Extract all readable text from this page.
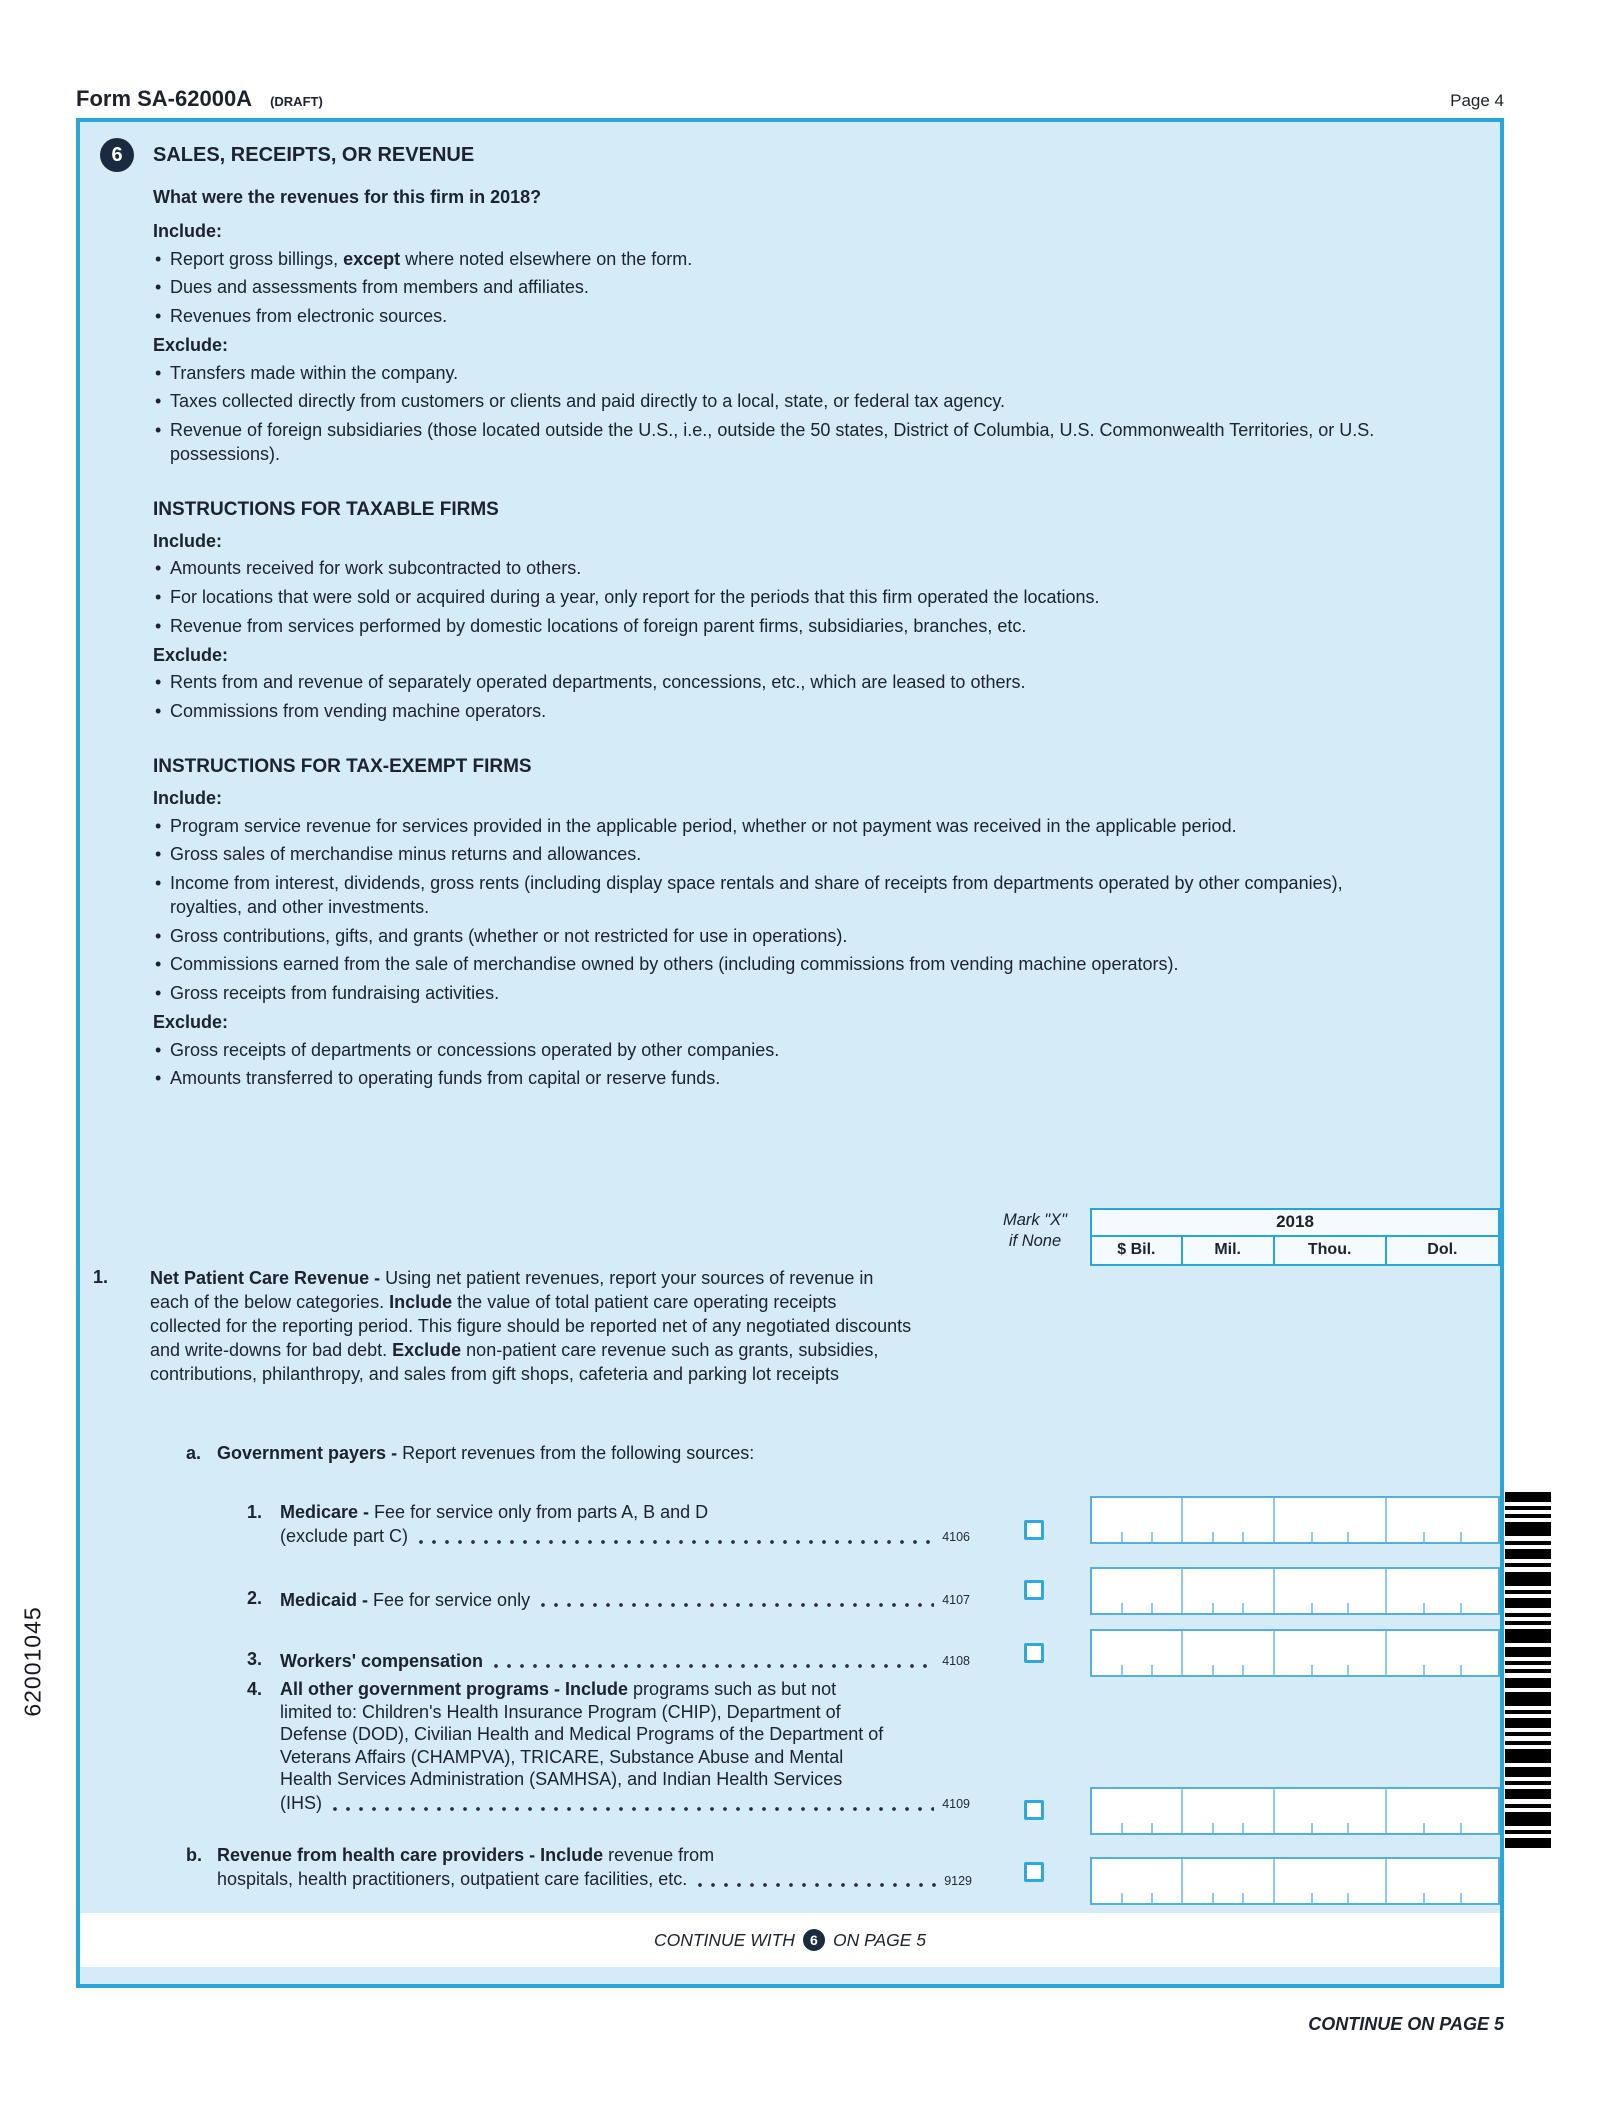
Form SA-62000A (DRAFT)	Page 4
62001045
6	SALES, RECEIPTS, OR REVENUE
What were the revenues for this firm in 2018?
Include:
• Report gross billings, except where noted elsewhere on the form.
• Dues and assessments from members and affiliates.
• Revenues from electronic sources.
Exclude:
• Transfers made within the company.
• Taxes collected directly from customers or clients and paid directly to a local, state, or federal tax agency.
• Revenue of foreign subsidiaries (those located outside the U.S., i.e., outside the 50 states, District of Columbia, U.S. Commonwealth Territories, or U.S. possessions).
INSTRUCTIONS FOR TAXABLE FIRMS
Include:
• Amounts received for work subcontracted to others.
• For locations that were sold or acquired during a year, only report for the periods that this firm operated the locations.
• Revenue from services performed by domestic locations of foreign parent firms, subsidiaries, branches, etc.
Exclude:
• Rents from and revenue of separately operated departments, concessions, etc., which are leased to others.
• Commissions from vending machine operators.
INSTRUCTIONS FOR TAX-EXEMPT FIRMS
Include:
• Program service revenue for services provided in the applicable period, whether or not payment was received in the applicable period.
• Gross sales of merchandise minus returns and allowances.
• Income from interest, dividends, gross rents (including display space rentals and share of receipts from departments operated by other companies), royalties, and other investments.
• Gross contributions, gifts, and grants (whether or not restricted for use in operations).
• Commissions earned from the sale of merchandise owned by others (including commissions from vending machine operators).
• Gross receipts from fundraising activities.
Exclude:
• Gross receipts of departments or concessions operated by other companies.
• Amounts transferred to operating funds from capital or reserve funds.
Mark "X"
if None
2018
$ Bil.	Mil.	Thou.	Dol.
1. Net Patient Care Revenue - Using net patient revenues, report your sources of revenue in each of the below categories. Include the value of total patient care operating receipts collected for the reporting period. This figure should be reported net of any negotiated discounts and write-downs for bad debt. Exclude non-patient care revenue such as grants, subsidies, contributions, philanthropy, and sales from gift shops, cafeteria and parking lot receipts
a. Government payers - Report revenues from the following sources:
1. Medicare - Fee for service only from parts A, B and D
(exclude part C)	4106
2. Medicaid - Fee for service only	4107
3. Workers' compensation	4108
4. All other government programs - Include programs such as but not limited to: Children's Health Insurance Program (CHIP), Department of Defense (DOD), Civilian Health and Medical Programs of the Department of Veterans Affairs (CHAMPVA), TRICARE, Substance Abuse and Mental Health Services Administration (SAMHSA), and Indian Health Services
(IHS)	4109
b. Revenue from health care providers - Include revenue from
hospitals, health practitioners, outpatient care facilities, etc.	9129
CONTINUE WITH	6 ON PAGE 5
CONTINUE ON PAGE 5
